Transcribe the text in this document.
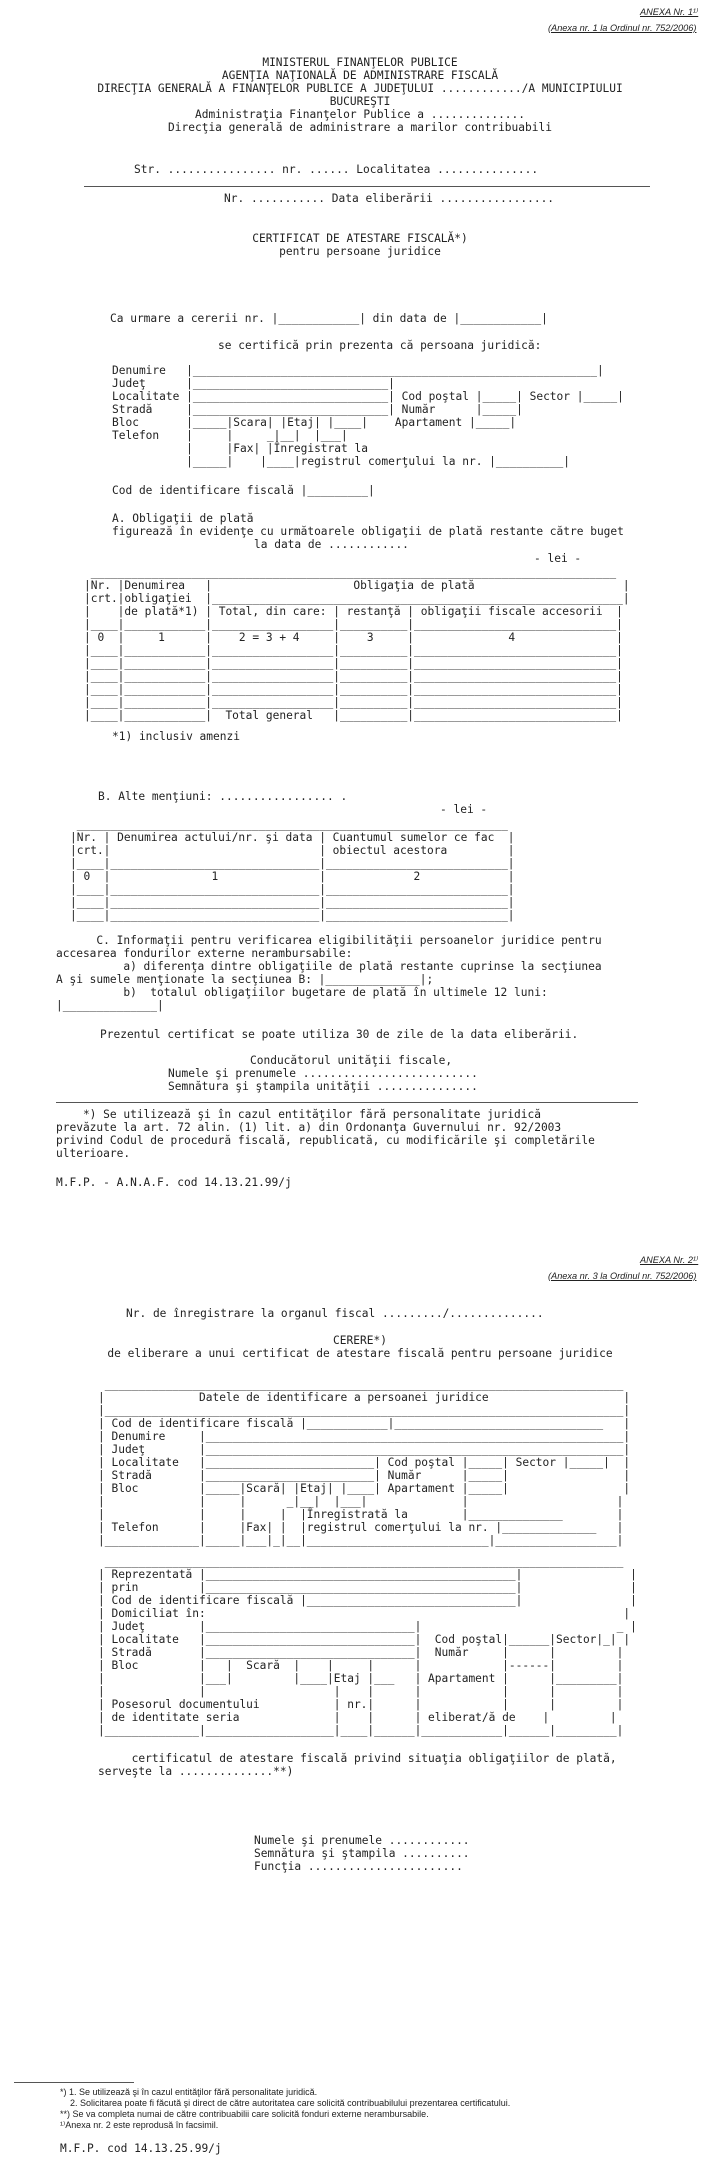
ANEXA Nr. 1¹⁾
(Anexa nr. 1 la Ordinul nr. 752/2006)
MINISTERUL FINANŢELOR PUBLICE
AGENŢIA NAŢIONALĂ DE ADMINISTRARE FISCALĂ
DIRECŢIA GENERALĂ A FINANŢELOR PUBLICE A JUDEŢULUI ............/A MUNICIPIULUI
BUCUREŞTI
Administraţia Finanţelor Publice a ..............
Direcţia generală de administrare a marilor contribuabili
Str. ................ nr. ...... Localitatea ...............
Nr. ........... Data eliberării .................
CERTIFICAT DE ATESTARE FISCALĂ*)
pentru persoane juridice
Ca urmare a cererii nr. |____________| din data de |____________|
se certifică prin prezenta că persoana juridică:
Denumire   |____________________________________________________________|
Judeţ      |_____________________________|
Localitate |_____________________________| Cod poştal |_____| Sector |_____|
Stradă     |_____________________________| Număr      |_____|
Bloc       |_____|Scara| |Etaj| |____|    Apartament |_____|
Telefon    |     |     _|__|  |___|
|     |Fax| |Înregistrat la
|_____|    |____|registrul comerţului la nr. |__________|
Cod de identificare fiscală |_________|
A. Obligaţii de plată
figurează în evidenţe cu următoarele obligaţii de plată restante către buget
la data de ............
- lei -
______________________________________________________________________________
|Nr. |Denumirea   |                     Obligaţia de plată                      |
|crt.|obligaţiei  |_____________________________________________________________|
|    |de plată*1) | Total, din care: | restanţă | obligaţii fiscale accesorii  |
|____|____________|__________________|__________|______________________________|
| 0  |     1      |    2 = 3 + 4     |    3     |              4               |
|____|____________|__________________|__________|______________________________|
|____|____________|__________________|__________|______________________________|
|____|____________|__________________|__________|______________________________|
|____|____________|__________________|__________|______________________________|
|____|____________|__________________|__________|______________________________|
|____|____________|  Total general   |__________|______________________________|
*1) inclusiv amenzi
B. Alte menţiuni: ................. .
- lei -
________________________________________________________________
|Nr. | Denumirea actului/nr. şi data | Cuantumul sumelor ce fac  |
|crt.|                               | obiectul acestora         |
|____|_______________________________|___________________________|
| 0  |               1               |             2             |
|____|_______________________________|___________________________|
|____|_______________________________|___________________________|
|____|_______________________________|___________________________|
C. Informaţii pentru verificarea eligibilităţii persoanelor juridice pentru
accesarea fondurilor externe nerambursabile:
a) diferenţa dintre obligaţiile de plată restante cuprinse la secţiunea
A şi sumele menţionate la secţiunea B: |______________|;
b)  totalul obligaţiilor bugetare de plată în ultimele 12 luni:
|______________|
Prezentul certificat se poate utiliza 30 de zile de la data eliberării.
Conducătorul unităţii fiscale,
Numele şi prenumele ..........................
Semnătura şi ştampila unităţii ...............
*) Se utilizează şi în cazul entităţilor fără personalitate juridică
prevăzute la art. 72 alin. (1) lit. a) din Ordonanţa Guvernului nr. 92/2003
privind Codul de procedură fiscală, republicată, cu modificările şi completările
ulterioare.
M.F.P. - A.N.A.F. cod 14.13.21.99/j
ANEXA Nr. 2¹⁾
(Anexa nr. 3 la Ordinul nr. 752/2006)
Nr. de înregistrare la organul fiscal ........./..............
CERERE*)
de eliberare a unui certificat de atestare fiscală pentru persoane juridice
_____________________________________________________________________________
|              Datele de identificare a persoanei juridice                    |
|_____________________________________________________________________________|
| Cod de identificare fiscală |____________|_______________________________   |
| Denumire     |______________________________________________________________|
| Judeţ        |______________________________________________________________|
| Localitate   |_________________________| Cod poştal |_____| Sector |_____|  |
| Stradă       |_________________________| Număr      |_____|                 |
| Bloc         |_____|Scară| |Etaj| |____| Apartament |_____|                 |
|              |     |      _|__|  |___|              |                      |
|              |     |     |  |Înregistrată la        |______________        |
| Telefon      |     |Fax| |  |registrul comerţului la nr. |______________   |
|______________|_____|___|_|__|___________________________|__________________|
_____________________________________________________________________________
| Reprezentată |______________________________________________|                |
| prin         |______________________________________________|                |
| Cod de identificare fiscală |_______________________________|                |
| Domiciliat în:                                                              |
| Judeţ        |_______________________________|                             _ |
| Localitate   |_______________________________|  Cod poştal|______|Sector|_| |
| Stradă       |_______________________________|  Număr     |      |         |
| Bloc         |   |  Scară  |    |     |      |            |------|         |
|              |___|         |____|Etaj |___   | Apartament |      |_________|
|              |                   |    |      |            |      |         |
| Posesorul documentului           | nr.|      |            |      |         |
| de identitate seria              |    |      | eliberat/ă de    |         |
|______________|___________________|____|______|____________|______|_________|
certificatul de atestare fiscală privind situaţia obligaţiilor de plată,
serveşte la ..............**)
Numele şi prenumele ............
Semnătura şi ştampila ..........
Funcţia .......................
*) 1. Se utilizează şi în cazul entităţilor fără personalitate juridică.
2. Solicitarea poate fi făcută şi direct de către autoritatea care solicită contribuabilului prezentarea certificatului.
**) Se va completa numai de către contribuabilii care solicită fonduri externe nerambursabile.
¹⁾Anexa nr. 2 este reprodusă în facsimil.
M.F.P. cod 14.13.25.99/j
